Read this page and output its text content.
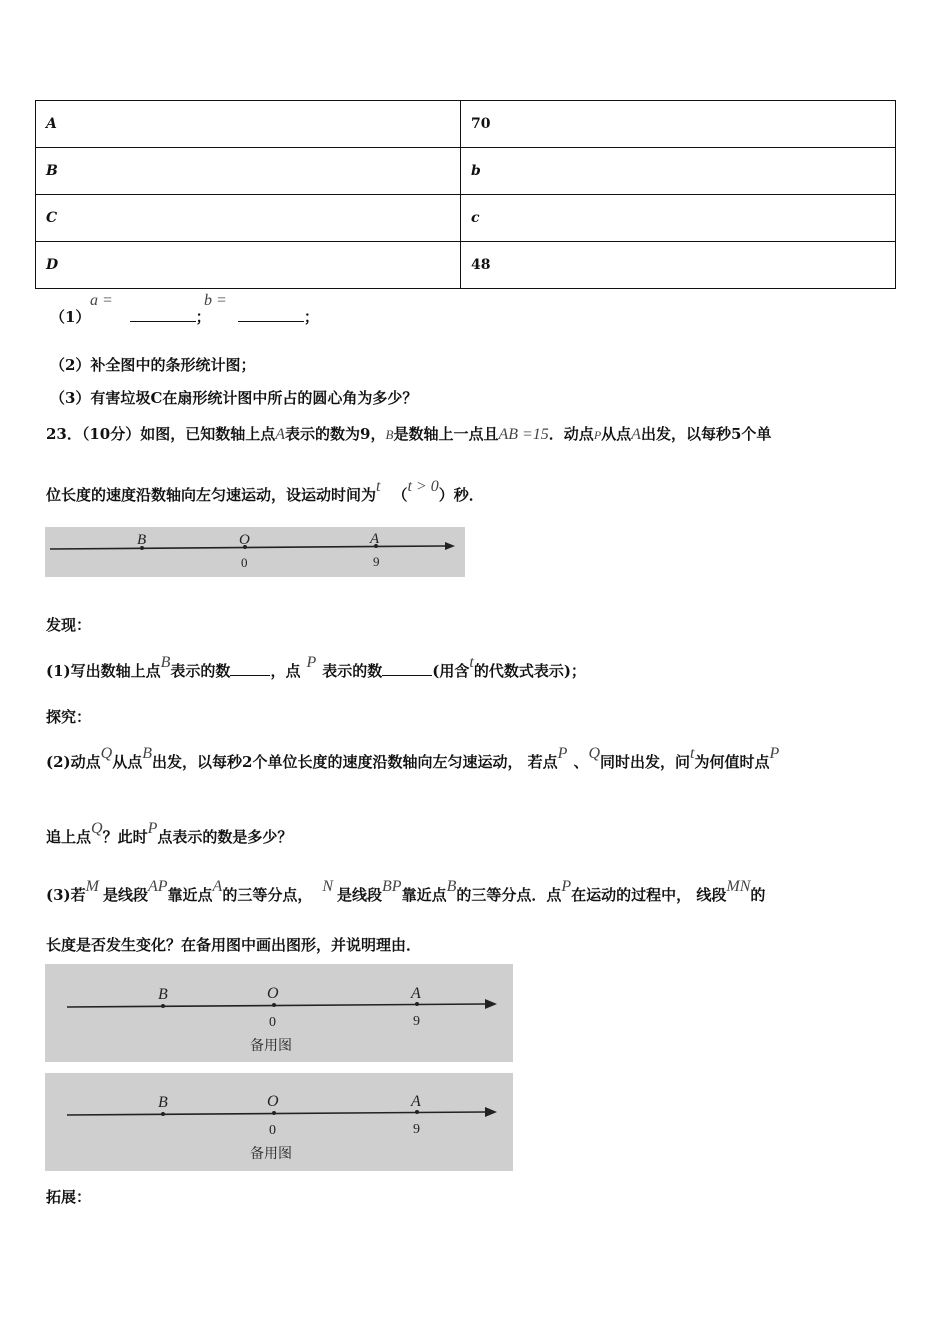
A	70
B	b
C	c
D	48
（1）
a =
；
b =
；
（2）补全图中的条形统计图；
（3）有害垃圾C在扇形统计图中所占的圆心角为多少？
23．（10分）如图，已知数轴上点A表示的数为9，B是数轴上一点且AB =15．动点P从点A出发，以每秒5个单
位长度的速度沿数轴向左匀速运动，设运动时间为t （t > 0）秒．
B	O	A
0	9
发现：
(1)写出数轴上点B表示的数	，点 P 表示的数	(用含t的代数式表示)；
探究：
(2)动点Q从点B出发，以每秒2个单位长度的速度沿数轴向左匀速运动， 若点P 、Q同时出发，问t为何值时点P
追上点Q？此时P点表示的数是多少？
(3)若M 是线段AP靠近点A的三等分点， N 是线段BP靠近点B的三等分点．点P在运动的过程中， 线段MN的
长度是否发生变化？在备用图中画出图形，并说明理由．
B	O	A
0	9
备用图
B	O	A
0	9
备用图
拓展：
